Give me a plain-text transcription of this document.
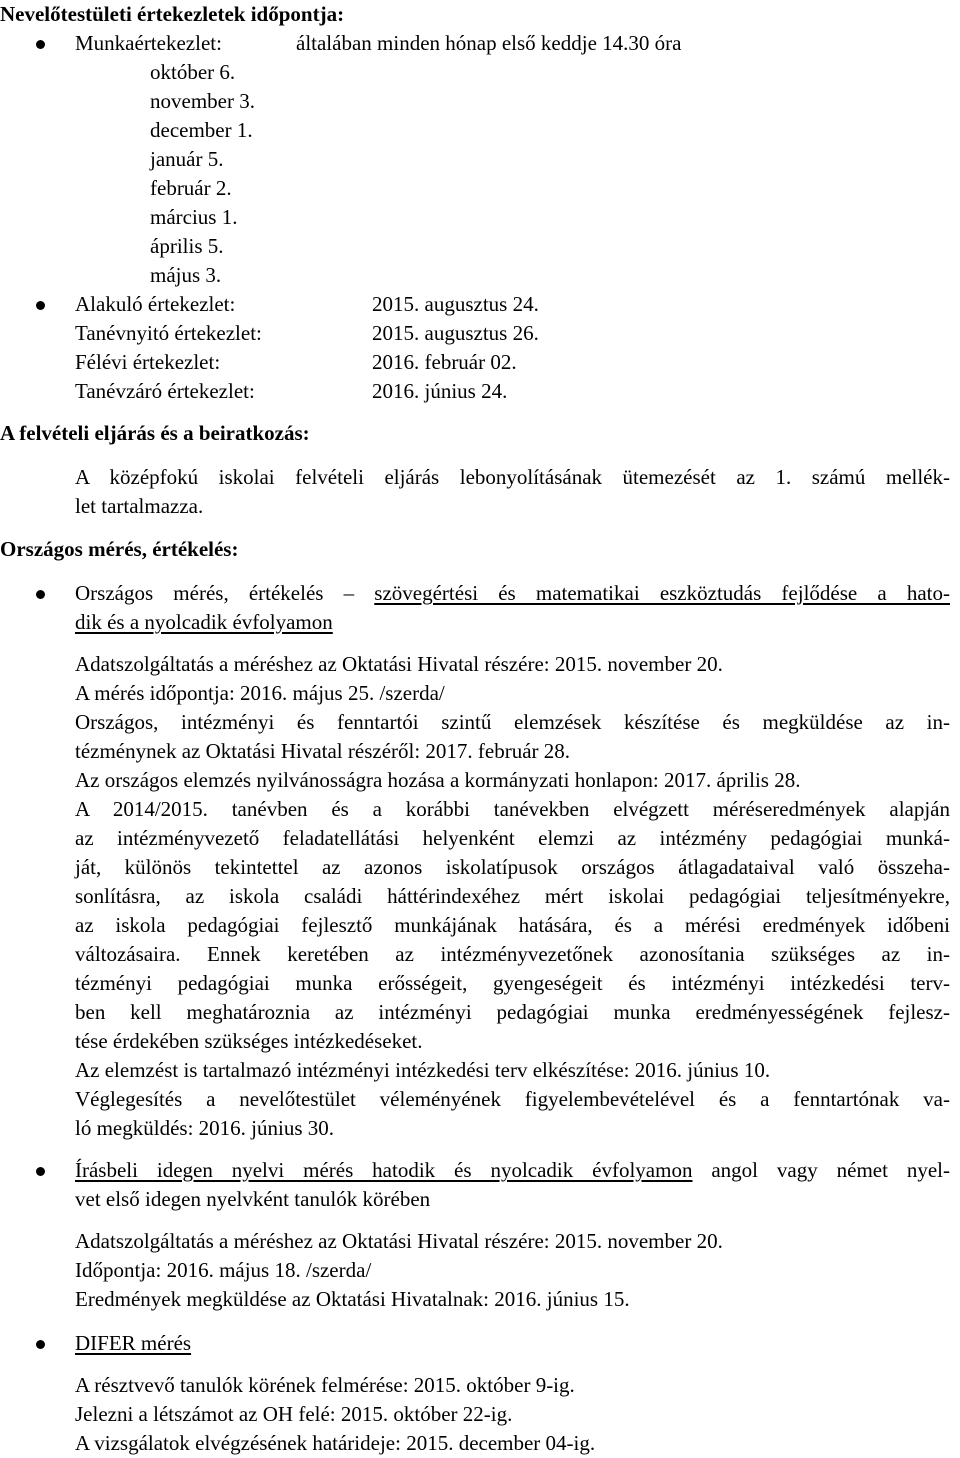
Nevelőtestületi értekezletek időpontja:
Munkaértekezlet:	általában minden hónap első keddje 14.30 óra
október 6.
november 3.
december 1.
január 5.
február 2.
március 1.
április 5.
május 3.
Alakuló értekezlet:	2015. augusztus 24.
Tanévnyitó értekezlet:	2015. augusztus 26.
Félévi értekezlet:	2016. február 02.
Tanévzáró értekezlet:	2016. június 24.
A felvételi eljárás és a beiratkozás:
A középfokú iskolai felvételi eljárás lebonyolításának ütemezését az 1. számú mellék-
let tartalmazza.
Országos mérés, értékelés:
Országos mérés, értékelés – szövegértési és matematikai eszköztudás fejlődése a hato-
dik és a nyolcadik évfolyamon
Adatszolgáltatás a méréshez az Oktatási Hivatal részére: 2015. november 20.
A mérés időpontja: 2016. május 25. /szerda/
Országos, intézményi és fenntartói szintű elemzések készítése és megküldése az in-
tézménynek az Oktatási Hivatal részéről: 2017. február 28.
Az országos elemzés nyilvánosságra hozása a kormányzati honlapon: 2017. április 28.
A 2014/2015. tanévben és a korábbi tanévekben elvégzett méréseredmények alapján
az intézményvezető feladatellátási helyenként elemzi az intézmény pedagógiai munká-
ját, különös tekintettel az azonos iskolatípusok országos átlagadataival való összeha-
sonlításra, az iskola családi háttérindexéhez mért iskolai pedagógiai teljesítményekre,
az iskola pedagógiai fejlesztő munkájának hatására, és a mérési eredmények időbeni
változásaira. Ennek keretében az intézményvezetőnek azonosítania szükséges az in-
tézményi pedagógiai munka erősségeit, gyengeségeit és intézményi intézkedési terv-
ben kell meghatároznia az intézményi pedagógiai munka eredményességének fejlesz-
tése érdekében szükséges intézkedéseket.
Az elemzést is tartalmazó intézményi intézkedési terv elkészítése: 2016. június 10.
Véglegesítés a nevelőtestület véleményének figyelembevételével és a fenntartónak va-
ló megküldés: 2016. június 30.
Írásbeli idegen nyelvi mérés hatodik és nyolcadik évfolyamon angol vagy német nyel-
vet első idegen nyelvként tanulók körében
Adatszolgáltatás a méréshez az Oktatási Hivatal részére: 2015. november 20.
Időpontja: 2016. május 18. /szerda/
Eredmények megküldése az Oktatási Hivatalnak: 2016. június 15.
DIFER mérés
A résztvevő tanulók körének felmérése: 2015. október 9-ig.
Jelezni a létszámot az OH felé: 2015. október 22-ig.
A vizsgálatok elvégzésének határideje: 2015. december 04-ig.
